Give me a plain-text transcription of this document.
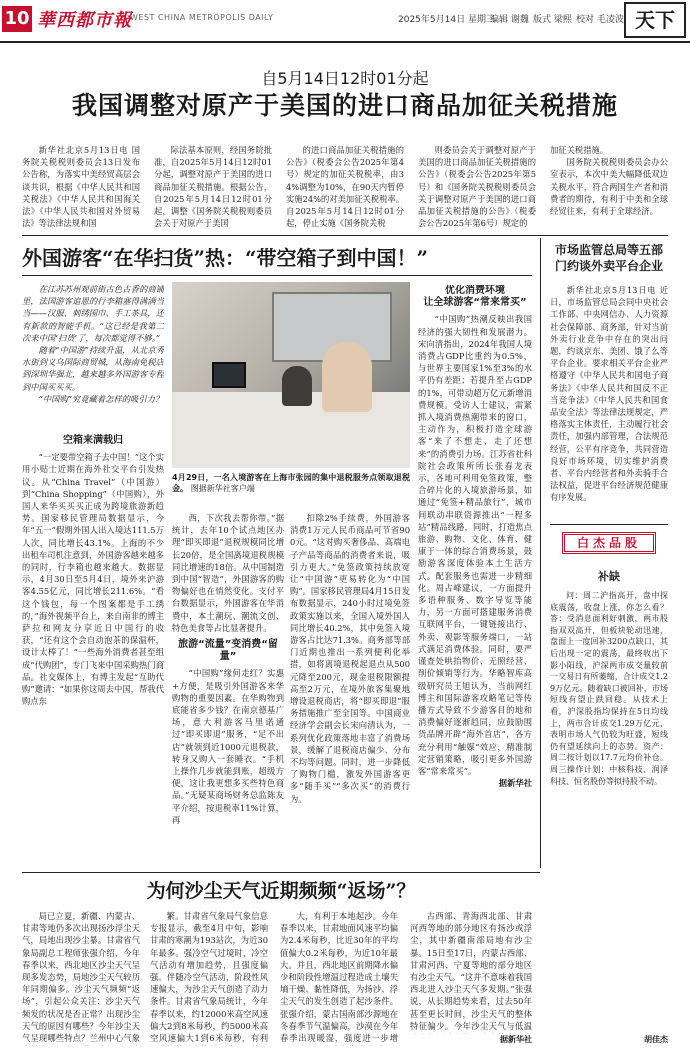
10 華西都市報
WEST CHINA METROPOLIS DAILY	2025年5月14日 星期三
编辑 谢魏 版式 梁熙 校对 毛凌波 天下
自5月14日12时01分起
我国调整对原产于美国的进口商品加征关税措施

新华社北京5月13日电 国务院关税税则委员会13日发布公告称，为落实中美经贸高层会谈共识，根据《中华人民共和国关税法》《中华人民共和国海关法》《中华人民共和国对外贸易法》等法律法规和国

际法基本原则，经国务院批准，自2025年5月14日12时01分起，调整对原产于美国的进口商品加征关税措施。根据公告，自2025年5月14日12时01分起，调整《国务院关税税则委员会关于对原产于美国

的进口商品加征关税措施的公告》（税委会公告2025年第4号）规定的加征关税税率，由34%调整为10%，在90天内暂停实施24%的对美加征关税税率。自2025年5月14日12时01分起，停止实施《国务院关税

则委员会关于调整对原产于美国的进口商品加征关税措施的公告》（税委会公告2025年第5号）和《国务院关税税则委员会关于调整对原产于美国的进口商品加征关税措施的公告》（税委会公告2025年第6号）规定的

加征关税措施。

国务院关税税则委员会办公室表示，本次中美大幅降低双边关税水平，符合两国生产者和消费者的期待，有利于中美和全球经贸往来，有利于全球经济。

外国游客“在华扫货”热：“带空箱子到中国！”

在江苏苏州观前街古色古香的商铺里，法国游客追恩的行李箱塞得满满当当——汉服、刺绣围巾、手工茶具，还有新款的智能手机。“这已经是我第二次来中国‘扫货’了，每次都觉得不够。”

随着“中国游”持续升温，从北京秀水街到义乌国际商贸城，从海南免税店到深圳华强北，越来越多外国游客专程到中国买买买。

“中国购”究竟藏着怎样的吸引力？

4月29日，一名入境游客在上海市张园的集中退税服务点领取退税金。 图据新华社客户端
空箱来满载归

“一定要带空箱子去中国！”这个实用小贴士近期在海外社交平台引发热议。从“China Travel”（中国游）到“China Shopping”（中国购），外国人来华买买买正成为跨境旅游新趋势。国家移民管理局数据显示，今年“五一”假期外国人出入境达111.5万人次，同比增长43.1%。上海的不少出租车司机注意到，外国游客越来越多的同时，行李箱也越来越大。数据显示，4月30日至5月4日，境外来沪游客4.55亿元，同比增长211.6%。“看这个钱包，每一个图案都是手工绣的，”海外视频平台上，来自南非的博主萨拉和网友分享近日中国行的收获，“还有这个会自动泡茶的保温杯，设计太棒了！”一些海外消费者甚至组成“代购团”，专门飞来中国采购热门商品。社交媒体上，有博主发起“互助代购”邀请：“如果你这周去中国，帮我代购点东

西，下次我去帮你带。”据统计，去年10个试点地区办理“即买即退”退税规模同比增长20倍，是全国离境退税规模同比增速的18倍。从中国制造到中国“智造”，外国游客的购物偏好也在悄然变化。支付平台数据显示，外国游客在华消费中，本土潮玩、潮流文创、特色美食等占比显著提升。

旅游“流量”变消费“留量”

“中国购”缘何走红？实惠+方便，是吸引外国游客来华购物的重要因素。在华购物到底能省多少钱？在南京德基广场，意大利游客马里诺通过“即买即退”服务，“足不出店”就领到近1000元退税款，转身又购入一套睡衣。“手机上操作几步就能到账，超级方便，这让我更想多买些特色商品。”无疑某商场财务总监陈友平介绍，按退税率11%计算，再

扣除2%手续费，外国游客消费1万元人民币商品可节省900元。“这对购买奢侈品、高端电子产品等商品的消费者来说，吸引力更大。”免签政策持续放宽让“中国游”更易转化为“中国购”。国家移民管理局4月15日发布数据显示，240小时过境免签政策实施以来，全国入境外国人同比增长40.2%，其中免签入境游客占比达71.3%。商务部等部门近期也推出一系列便利化举措，如将离境退税起退点从500元降至200元，现金退税限额提高至2万元，在境外旅客集聚地增设退税商店，将“即买即退”服务措施推广至全国等。中国商业经济学会副会长宋向清认为，一系列优化政策落地丰富了消费场景，缓解了退税商店偏少、分布不均等问题。同时，进一步降低了购物门槛，激发外国游客更多“随手买”“多次买”的消费行为。

优化消费环境
让全球游客“常来常买”

“中国购”热潮反映出我国经济的强大韧性和发展潜力。宋向清指出，2024年我国人境消费占GDP比重约为0.5%，与世界主要国家1%至3%的水平仍有差距；若提升至占GDP的1%，可带动超万亿元新增消费规模。受访人士建议，需紧抓入境消费热潮带来的窗口，主动作为，积极打造全球游客“来了不想走、走了还想来”的消费引力场。江苏省社科院社会政策所所长张春龙表示，各地可利用免签政策，整合碎片化的入境旅游场景，如通过“免签+精品旅行”，城市间联动串联资源推出“一程多站”精品线路，同时，打造焦点旅游、购物、文化、体育、健康于一体的综合消费场景，鼓励游客深度体验本土生活方式。配套服务也需进一步精细化。周占峰建议，一方面提升多语种服务、数字导览等能力，另一方面可搭建服务消费互联网平台，一键链接出行、外卖、观影等服务端口，一站式满足消费体验。同时，要严谨查处哄抬物价、无照经营、削价倾销等行为。华略智库高级研究员王旭认为，当前网红博主和国际游客攻略笔记等传播方式导致不少游客目的地和消费偏好逐渐趋同，应鼓励围货品牌开辟“海外首店”，各方充分利用“触媒”效应，精准制定营销策略，吸引更多外国游客“常来常买”。

据新华社
市场监管总局等五部门约谈外卖平台企业

新华社北京5月13日电 近日，市场监管总局会同中央社会工作部、中央网信办、人力资源社会保障部、商务部，针对当前外卖行业竞争中存在的突出问题，约谈京东、美团、饿了么等平台企业。要求相关平台企业严格遵守《中华人民共和国电子商务法》《中华人民共和国反不正当竞争法》《中华人民共和国食品安全法》等法律法规规定，严格落实主体责任，主动履行社会责任，加强内部管理，合法规范经营，公平有序竞争，共同营造良好市场环境，切实维护消费者、平台内经营者和外卖骑手合法权益，促进平台经济规范健康有序发展。

白杰品股
补缺

问：周二沪指高开，盘中探底震荡，收盘上涨，你怎么看？答：受消息面利好刺激，两市股指双双高开，但板块轮动迅速，盘面上一度回补3200点缺口，其后出现一定的震荡，最终收出下影小阳线，沪深两市成交量较前一交易日有所萎缩，合计成交1.29万亿元。随着缺口被回补，市场短线有望止跌回稳。从技术上看，沪深股指均保持在5日均线上，两市合计成交1.29万亿元，表明市场人气仍较为旺盛，短线仍有望延续向上的态势。资产：周二按计划以17.7元均价补仓。周三操作计划：中核科技、润泽科技、恒名股份等拟持股不动。

胡佳杰
为何沙尘天气近期频频“返场”？

局已立夏，新疆、内蒙古、甘肃等地仍多次出现扬沙浮尘天气，局地出现沙尘暴。甘肃省气象局副总工程师张强介绍，今年春季以来，西北地区沙尘天气呈现多发态势，局地沙尘天气较历年同期偏多。沙尘天气频频“返场”，引起公众关注：沙尘天气频发的状况是否正常？出现沙尘天气的原因有哪些？今年沙尘天气呈现哪些特点？兰州中心气象

繁。甘肃省气象局气象信息专报显示，截至4月中旬，影响甘肃的寒潮为193站次，为近30年最多。强冷空气过境时，冷空气活动有增加趋势，且强度偏强。伴随冷空气活动，阶段性风速偏大，为沙尘天气创造了动力条件。甘肃省气象局统计，今年春季以来，约12000米高空风速偏大2到8米每秒，约5000米高空风速偏大1到6米每秒，有利

大，有利于本地起沙。今年春季以来，甘肃地面风速平均偏为2.4米每秒，比近30年的平均值偏大0.2米每秒，为近10年最大。并且，西北地区前期降水偏少和阶段性增温过程造成土壤失墒干燥、黏性降低，为扬沙、浮尘天气的发生创造了起沙条件。张强介绍，蒙古国南部沙源地在冬春季节气温偏高，沙漠在今年春季出现暖湿，强度进一步增

古西部、青海西北部、甘肃河西等地的部分地区有扬沙或浮尘，其中新疆南部局地有沙尘暴。15日至17日，内蒙古西部、甘肃河西、宁夏等地的部分地区有沙尘天气。“这并不意味着我国西北进入沙尘天气多发期。”张强说，从长期趋势来看，过去50年甚至更长时间，沙尘天气的整体特征偏少。今年沙尘天气与低温

据新华社
